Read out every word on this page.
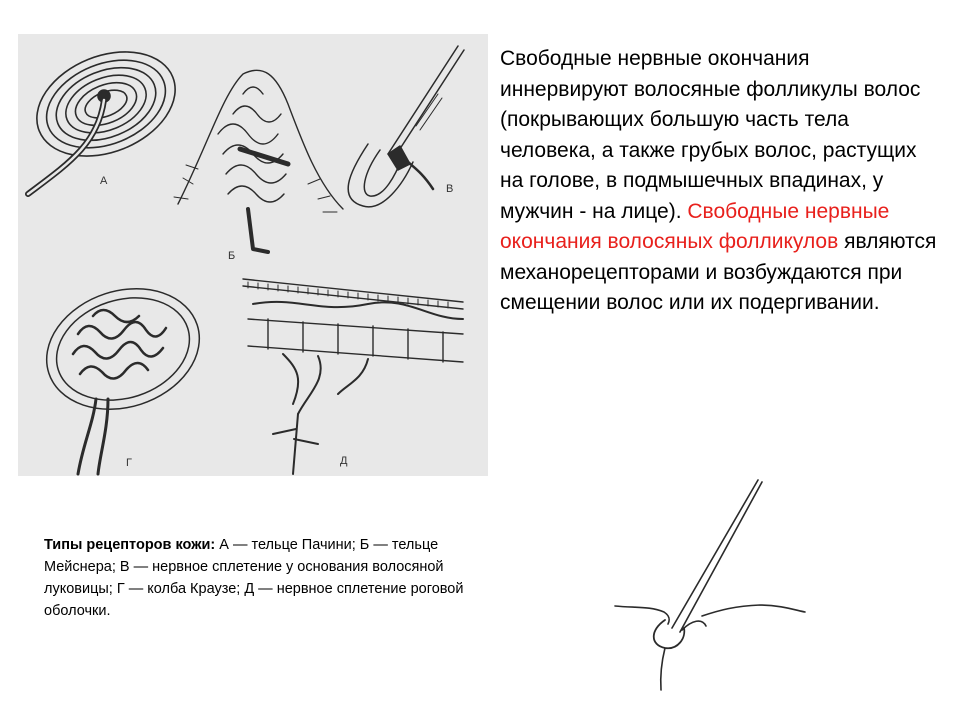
А
Б
В
Г	Д
Свободные нервные окончания иннервируют волосяные фолликулы волос (покрывающих большую часть тела человека, а также грубых волос, растущих на голове, в подмышечных впадинах, у мужчин - на лице). Свободные нервные окончания волосяных фолликулов являются механорецепторами и возбуждаются при смещении волос или их подергивании.
Типы рецепторов кожи: А — тельце Пачини; Б — тельце Мейснера; В — нервное сплетение у основания волосяной луковицы; Г — колба Краузе; Д — нервное сплетение роговой оболочки.
